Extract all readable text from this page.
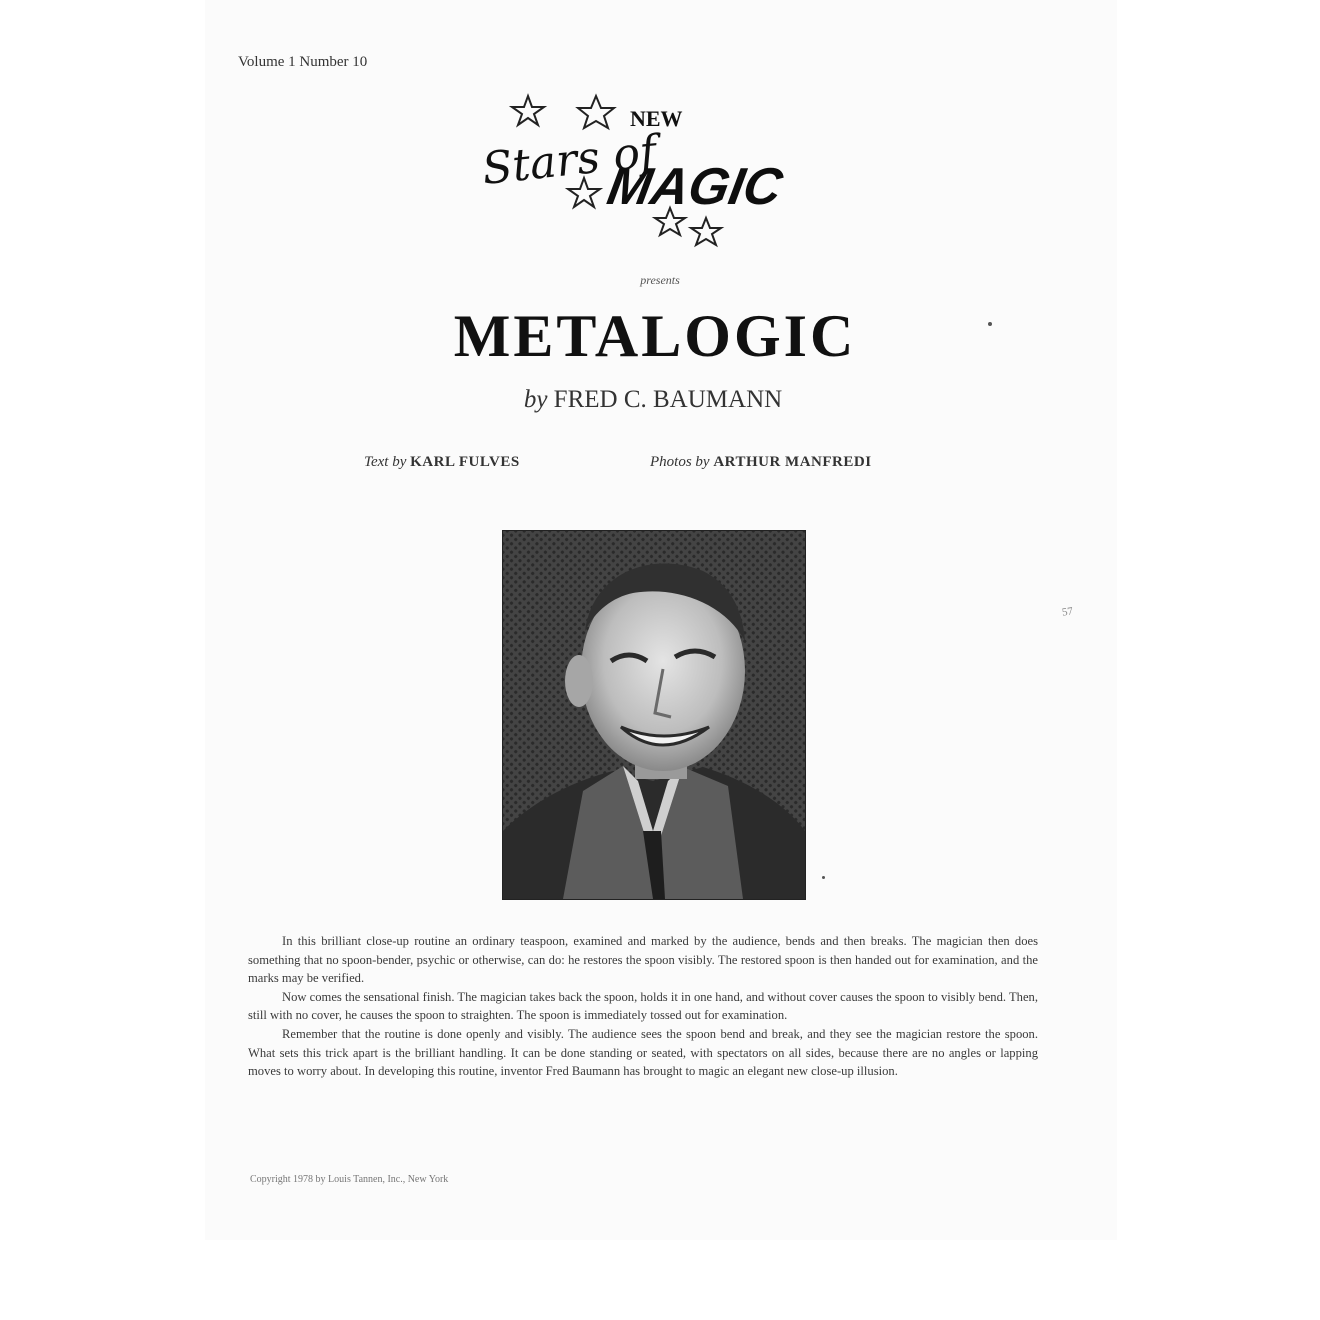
Volume 1 Number 10
NEW
Stars of
MAGIC
presents
METALOGIC
by FRED C. BAUMANN
Text by KARL FULVES	Photos by ARTHUR MANFREDI

In this brilliant close-up routine an ordinary teaspoon, examined and marked by the audience, bends and then breaks. The magician then does something that no spoon-bender, psychic or otherwise, can do: he restores the spoon visibly. The restored spoon is then handed out for examination, and the marks may be verified.

Now comes the sensational finish. The magician takes back the spoon, holds it in one hand, and without cover causes the spoon to visibly bend. Then, still with no cover, he causes the spoon to straighten. The spoon is immediately tossed out for examination.

Remember that the routine is done openly and visibly. The audience sees the spoon bend and break, and they see the magician restore the spoon. What sets this trick apart is the brilliant handling. It can be done standing or seated, with spectators on all sides, because there are no angles or lapping moves to worry about. In developing this routine, inventor Fred Baumann has brought to magic an elegant new close-up illusion.

Copyright 1978 by Louis Tannen, Inc., New York
57
